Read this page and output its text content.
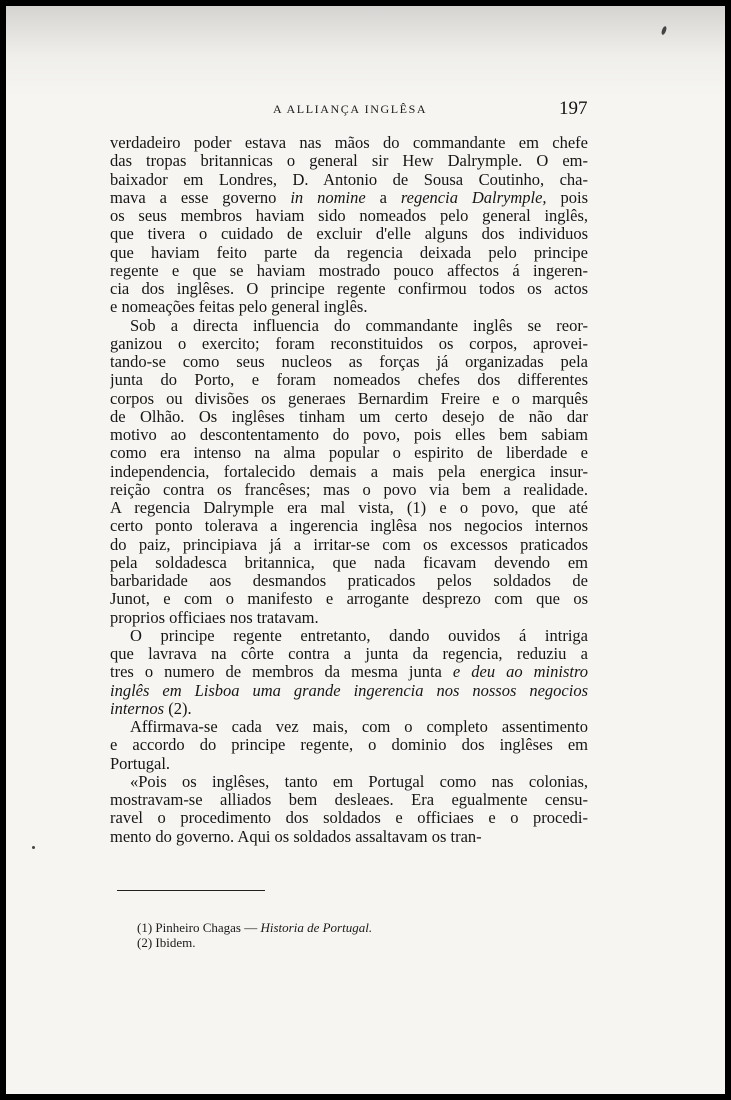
A ALLIANÇA INGLÊSA	197
verdadeiro poder estava nas mãos do commandante em chefe
das tropas britannicas o general sir Hew Dalrymple. O em-
baixador em Londres, D. Antonio de Sousa Coutinho, cha-
mava a esse governo in nomine a regencia Dalrymple, pois
os seus membros haviam sido nomeados pelo general inglês,
que tivera o cuidado de excluir d'elle alguns dos individuos
que haviam feito parte da regencia deixada pelo principe
regente e que se haviam mostrado pouco affectos á ingeren-
cia dos inglêses. O principe regente confirmou todos os actos
e nomeações feitas pelo general inglês.
Sob a directa influencia do commandante inglês se reor-
ganizou o exercito; foram reconstituidos os corpos, aprovei-
tando-se como seus nucleos as forças já organizadas pela
junta do Porto, e foram nomeados chefes dos differentes
corpos ou divisões os generaes Bernardim Freire e o marquês
de Olhão. Os inglêses tinham um certo desejo de não dar
motivo ao descontentamento do povo, pois elles bem sabiam
como era intenso na alma popular o espirito de liberdade e
independencia, fortalecido demais a mais pela energica insur-
reição contra os francêses; mas o povo via bem a realidade.
A regencia Dalrymple era mal vista, (1) e o povo, que até
certo ponto tolerava a ingerencia inglêsa nos negocios internos
do paiz, principiava já a irritar-se com os excessos praticados
pela soldadesca britannica, que nada ficavam devendo em
barbaridade aos desmandos praticados pelos soldados de
Junot, e com o manifesto e arrogante desprezo com que os
proprios officiaes nos tratavam.
O principe regente entretanto, dando ouvidos á intriga
que lavrava na côrte contra a junta da regencia, reduziu a
tres o numero de membros da mesma junta e deu ao ministro
inglês em Lisboa uma grande ingerencia nos nossos negocios
internos (2).
Affirmava-se cada vez mais, com o completo assentimento
e accordo do principe regente, o dominio dos inglêses em
Portugal.
«Pois os inglêses, tanto em Portugal como nas colonias,
mostravam-se alliados bem desleaes. Era egualmente censu-
ravel o procedimento dos soldados e officiaes e o procedi-
mento do governo. Aqui os soldados assaltavam os tran-
(1) Pinheiro Chagas — Historia de Portugal.
(2) Ibidem.
